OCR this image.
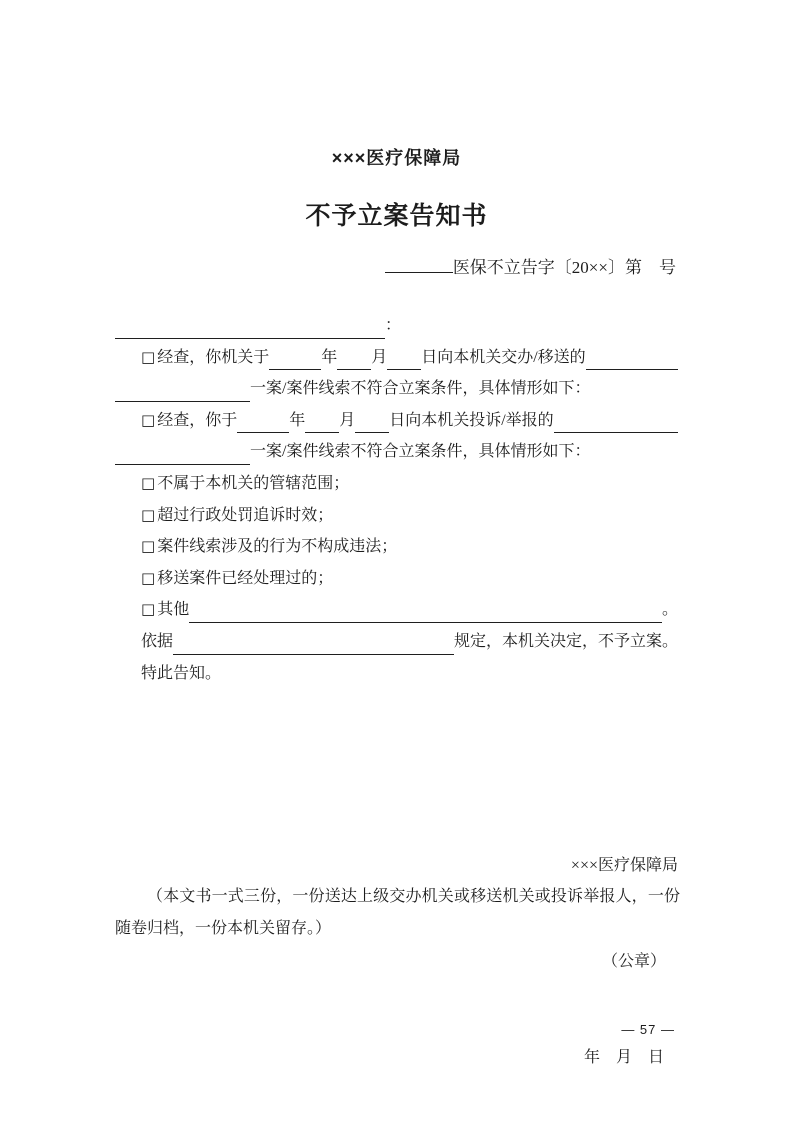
×××医疗保障局
不予立案告知书
医保不立告字〔20××〕第　号
：
□ 经查，你机关于	年 月 日向本机关交办/移送的
一案/案件线索不符合立案条件，具体情形如下：
□ 经查，你于	年 月 日向本机关投诉/举报的
一案/案件线索不符合立案条件，具体情形如下：
□ 不属于本机关的管辖范围；
□ 超过行政处罚追诉时效；
□ 案件线索涉及的行为不构成违法；
□ 移送案件已经处理过的；
□ 其他	。
依据	规定，本机关决定，不予立案。
特此告知。

×××医疗保障局

（公章）

年　月　日

（本文书一式三份，一份送达上级交办机关或移送机关或投诉举报人，一份随卷归档，一份本机关留存。）
— 57 —
